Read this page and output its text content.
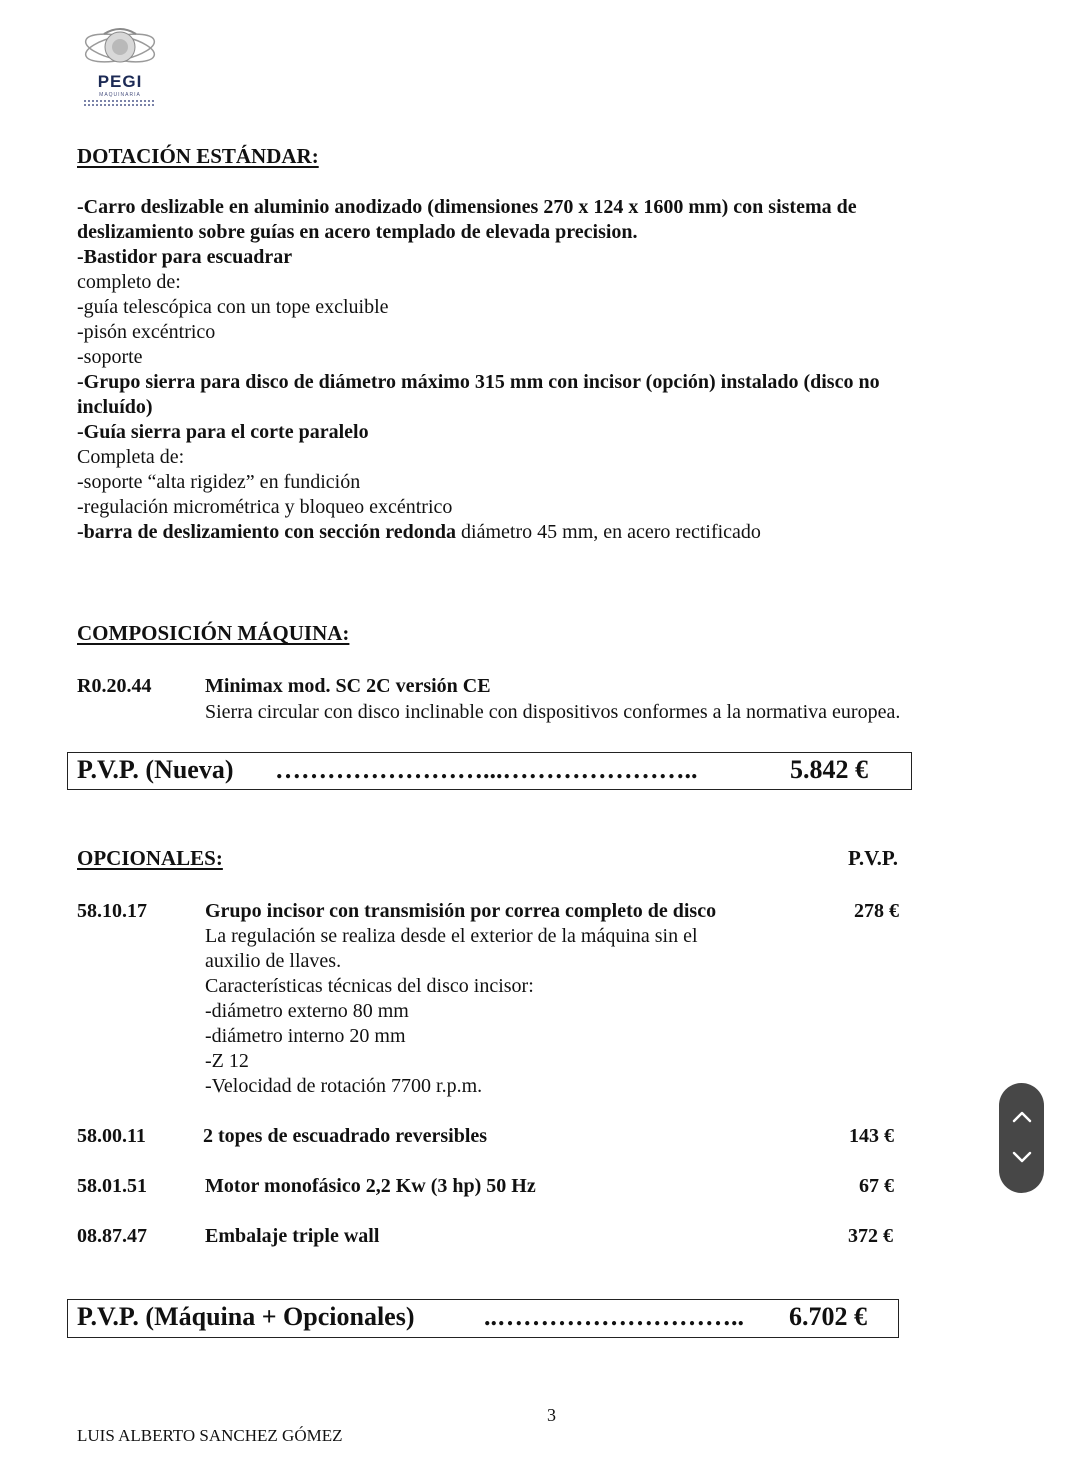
PEGI
MAQUINARIA
DOTACIÓN ESTÁNDAR:
-Carro deslizable en aluminio anodizado (dimensiones 270 x 124 x 1600 mm) con sistema de
deslizamiento sobre guías en acero templado de elevada precision.
-Bastidor para escuadrar
completo de:
-guía telescópica con un tope excluible
-pisón excéntrico
-soporte
-Grupo sierra para disco de diámetro máximo 315 mm con incisor (opción) instalado (disco no
incluído)
-Guía sierra para el corte paralelo
Completa de:
-soporte “alta rigidez” en fundición
-regulación micrométrica y bloqueo excéntrico
-barra de deslizamiento con sección redonda diámetro 45 mm, en acero rectificado
COMPOSICIÓN MÁQUINA:
R0.20.44	Minimax mod. SC 2C versión CE
Sierra circular con disco inclinable con dispositivos conformes a la normativa europea.
P.V.P. (Nueva) ……………………...…………………..	5.842 €
OPCIONALES:	P.V.P.
58.10.17	Grupo incisor con transmisión por correa completo de disco	278 €
La regulación se realiza desde el exterior de la máquina sin el
auxilio de llaves.
Características técnicas del disco incisor:
-diámetro externo 80 mm
-diámetro interno 20 mm
-Z 12
-Velocidad de rotación 7700 r.p.m.
58.00.11	2 topes de escuadrado reversibles	143 €
58.01.51	Motor monofásico 2,2 Kw (3 hp) 50 Hz	67 €
08.87.47	Embalaje triple wall	372 €
P.V.P. (Máquina + Opcionales)	..……………………….. 6.702 €
3
LUIS ALBERTO SANCHEZ GÓMEZ
